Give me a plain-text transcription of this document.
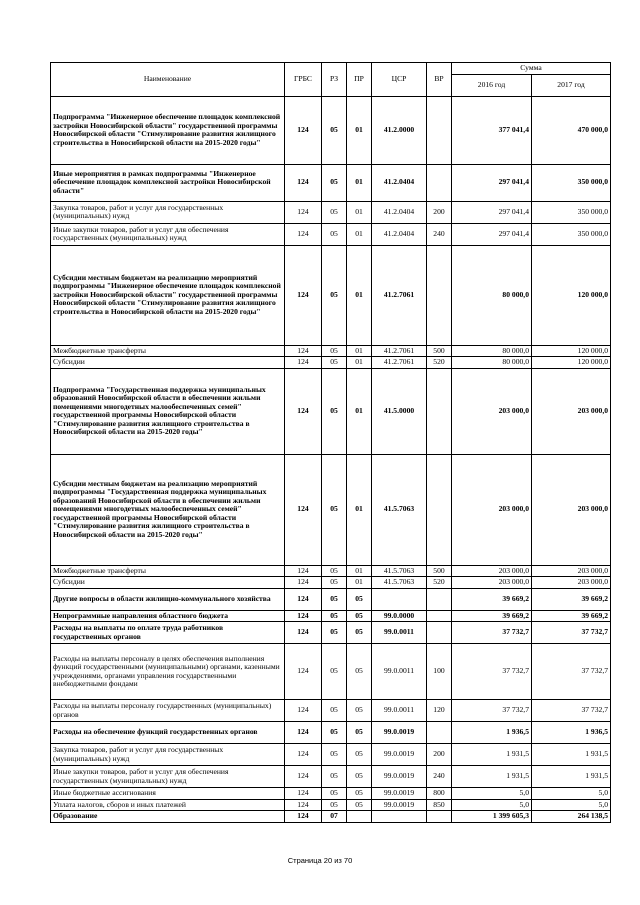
Наименование	ГРБС	РЗ	ПР	ЦСР	ВР	Сумма	
						2016 год	2017 год
Подпрограмма "Инженерное обеспечение площадок комплексной застройки Новосибирской области" государственной программы Новосибирской области "Стимулирование развития жилищного строительства в Новосибирской области на 2015-2020 годы"	124	05	01	41.2.0000		377 041,4	470 000,0
Иные мероприятия в рамках подпрограммы "Инженерное обеспечение площадок комплексной застройки Новосибирской области"	124	05	01	41.2.0404		297 041,4	350 000,0
Закупка товаров, работ и услуг для государственных (муниципальных) нужд	124	05	01	41.2.0404	200	297 041,4	350 000,0
Иные закупки товаров, работ и услуг для обеспечения государственных (муниципальных) нужд	124	05	01	41.2.0404	240	297 041,4	350 000,0
Субсидии местным бюджетам на реализацию мероприятий подпрограммы "Инженерное обеспечение площадок комплексной застройки Новосибирской области" государственной программы Новосибирской области "Стимулирование развития жилищного строительства в Новосибирской области на 2015-2020 годы"	124	05	01	41.2.7061		80 000,0	120 000,0
Межбюджетные трансферты	124	05	01	41.2.7061	500	80 000,0	120 000,0
Субсидии	124	05	01	41.2.7061	520	80 000,0	120 000,0
Подпрограмма "Государственная поддержка муниципальных образований Новосибирской области в обеспечении жильми помещениями многодетных малообеспеченных семей" государственной программы Новосибирской области "Стимулирование развития жилищного строительства в Новосибирской области на 2015-2020 годы"	124	05	01	41.5.0000		203 000,0	203 000,0
Субсидии местным бюджетам на реализацию мероприятий подпрограммы "Государственная поддержка муниципальных образований Новосибирской области в обеспечении жильми помещениями многодетных малообеспеченных семей" государственной программы Новосибирской области "Стимулирование развития жилищного строительства в Новосибирской области на 2015-2020 годы"	124	05	01	41.5.7063		203 000,0	203 000,0
Межбюджетные трансферты	124	05	01	41.5.7063	500	203 000,0	203 000,0
Субсидии	124	05	01	41.5.7063	520	203 000,0	203 000,0
Другие вопросы в области жилищно-коммунального хозяйства	124	05	05			39 669,2	39 669,2
Непрограммные направления областного бюджета	124	05	05	99.0.0000		39 669,2	39 669,2
Расходы на выплаты по оплате труда работников государственных органов	124	05	05	99.0.0011		37 732,7	37 732,7
Расходы на выплаты персоналу в целях обеспечения выполнения функций государственными (муниципальными) органами, казенными учреждениями, органами управления государственными внебюджетными фондами	124	05	05	99.0.0011	100	37 732,7	37 732,7
Расходы на выплаты персоналу государственных (муниципальных) органов	124	05	05	99.0.0011	120	37 732,7	37 732,7
Расходы на обеспечение функций государственных органов	124	05	05	99.0.0019		1 936,5	1 936,5
Закупка товаров, работ и услуг для государственных (муниципальных) нужд	124	05	05	99.0.0019	200	1 931,5	1 931,5
Иные закупки товаров, работ и услуг для обеспечения государственных (муниципальных) нужд	124	05	05	99.0.0019	240	1 931,5	1 931,5
Иные бюджетные ассигнования	124	05	05	99.0.0019	800	5,0	5,0
Уплата налогов, сборов и иных платежей	124	05	05	99.0.0019	850	5,0	5,0
Образование	124	07				1 399 605,3	264 138,5
Страница 20 из 70
